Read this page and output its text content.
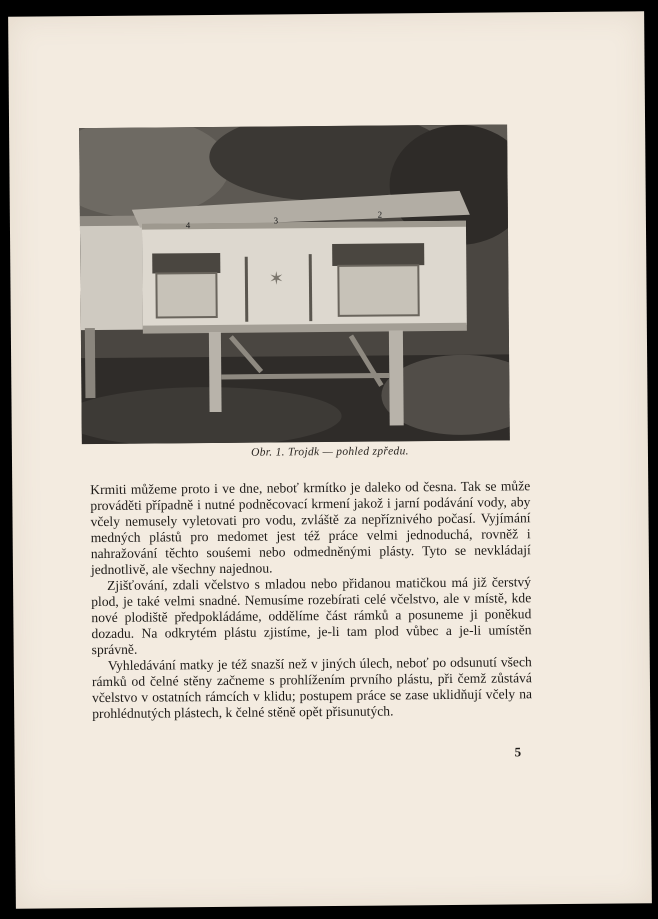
✶
4	3
2
Obr. 1. Trojdk — pohled zpředu.

Krmiti můžeme proto i ve dne, neboť krmítko je daleko od česna. Tak se může prováděti případně i nutné podněcovací krmení jakož i jarní podávání vody, aby včely nemusely vyletovati pro vodu, zvláště za nepříznivého počasí. Vyjímání medných plástů pro medomet jest též práce velmi jednoduchá, rovněž i nahražování těchto souśemi nebo odmedněnými plásty. Tyto se nevkládají jednotlivě, ale všechny najednou.

Zjišťování, zdali včelstvo s mladou nebo přidanou matičkou má již čerstvý plod, je také velmi snadné. Nemusíme rozebírati celé včelstvo, ale v místě, kde nové plodiště předpokládáme, oddělíme část rámků a posuneme ji poněkud dozadu. Na odkrytém plástu zjistíme, je-li tam plod vůbec a je-li umístěn správně.

Vyhledávání matky je též snazší než v jiných úlech, neboť po odsunutí všech rámků od čelné stěny začneme s prohlížením prvního plástu, při čemž zůstává včelstvo v ostatních rámcích v klidu; postupem práce se zase uklidňují včely na prohlédnutých plástech, k čelné stěně opět přisunutých.

5
